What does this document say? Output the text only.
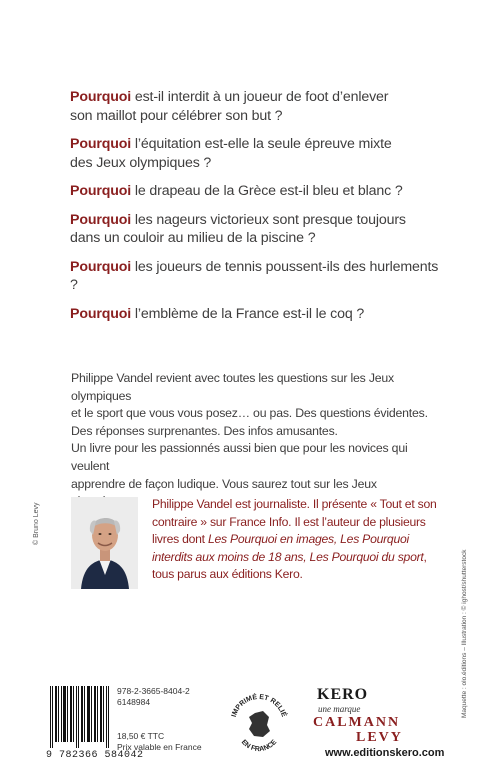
Pourquoi est-il interdit à un joueur de foot d’enlever
son maillot pour célébrer son but ?
Pourquoi l’équitation est-elle la seule épreuve mixte
des Jeux olympiques ?
Pourquoi le drapeau de la Grèce est-il bleu et blanc ?
Pourquoi les nageurs victorieux sont presque toujours
dans un couloir au milieu de la piscine ?
Pourquoi les joueurs de tennis poussent-ils des hurlements ?
Pourquoi l’emblème de la France est-il le coq ?

Philippe Vandel revient avec toutes les questions sur les Jeux olympiques

et le sport que vous vous posez… ou pas. Des questions évidentes.

Des réponses surprenantes. Des infos amusantes.

Un livre pour les passionnés aussi bien que pour les novices qui veulent

apprendre de façon ludique. Vous saurez tout sur les Jeux

© Bruno Levy	Philippe Vandel est journaliste. Il présente « Tout et son
contraire » sur France Info. Il est l’auteur de plusieurs
livres dont Les Pourquoi en images, Les Pourquoi
interdits aux moins de 18 ans, Les Pourquoi du sport,
tous parus aux éditions Kero.
978-2-3665-8404-2
6148984
18,50 € TTC
Prix valable en France
9 782366 584042
IMPRIMÉ ET RELIÉ
EN FRANCE
KERO
une marque
CALMANN
LEVY
www.editionskero.com
Maquette : olo.éditions – Illustration : © ighost/shutterstock
